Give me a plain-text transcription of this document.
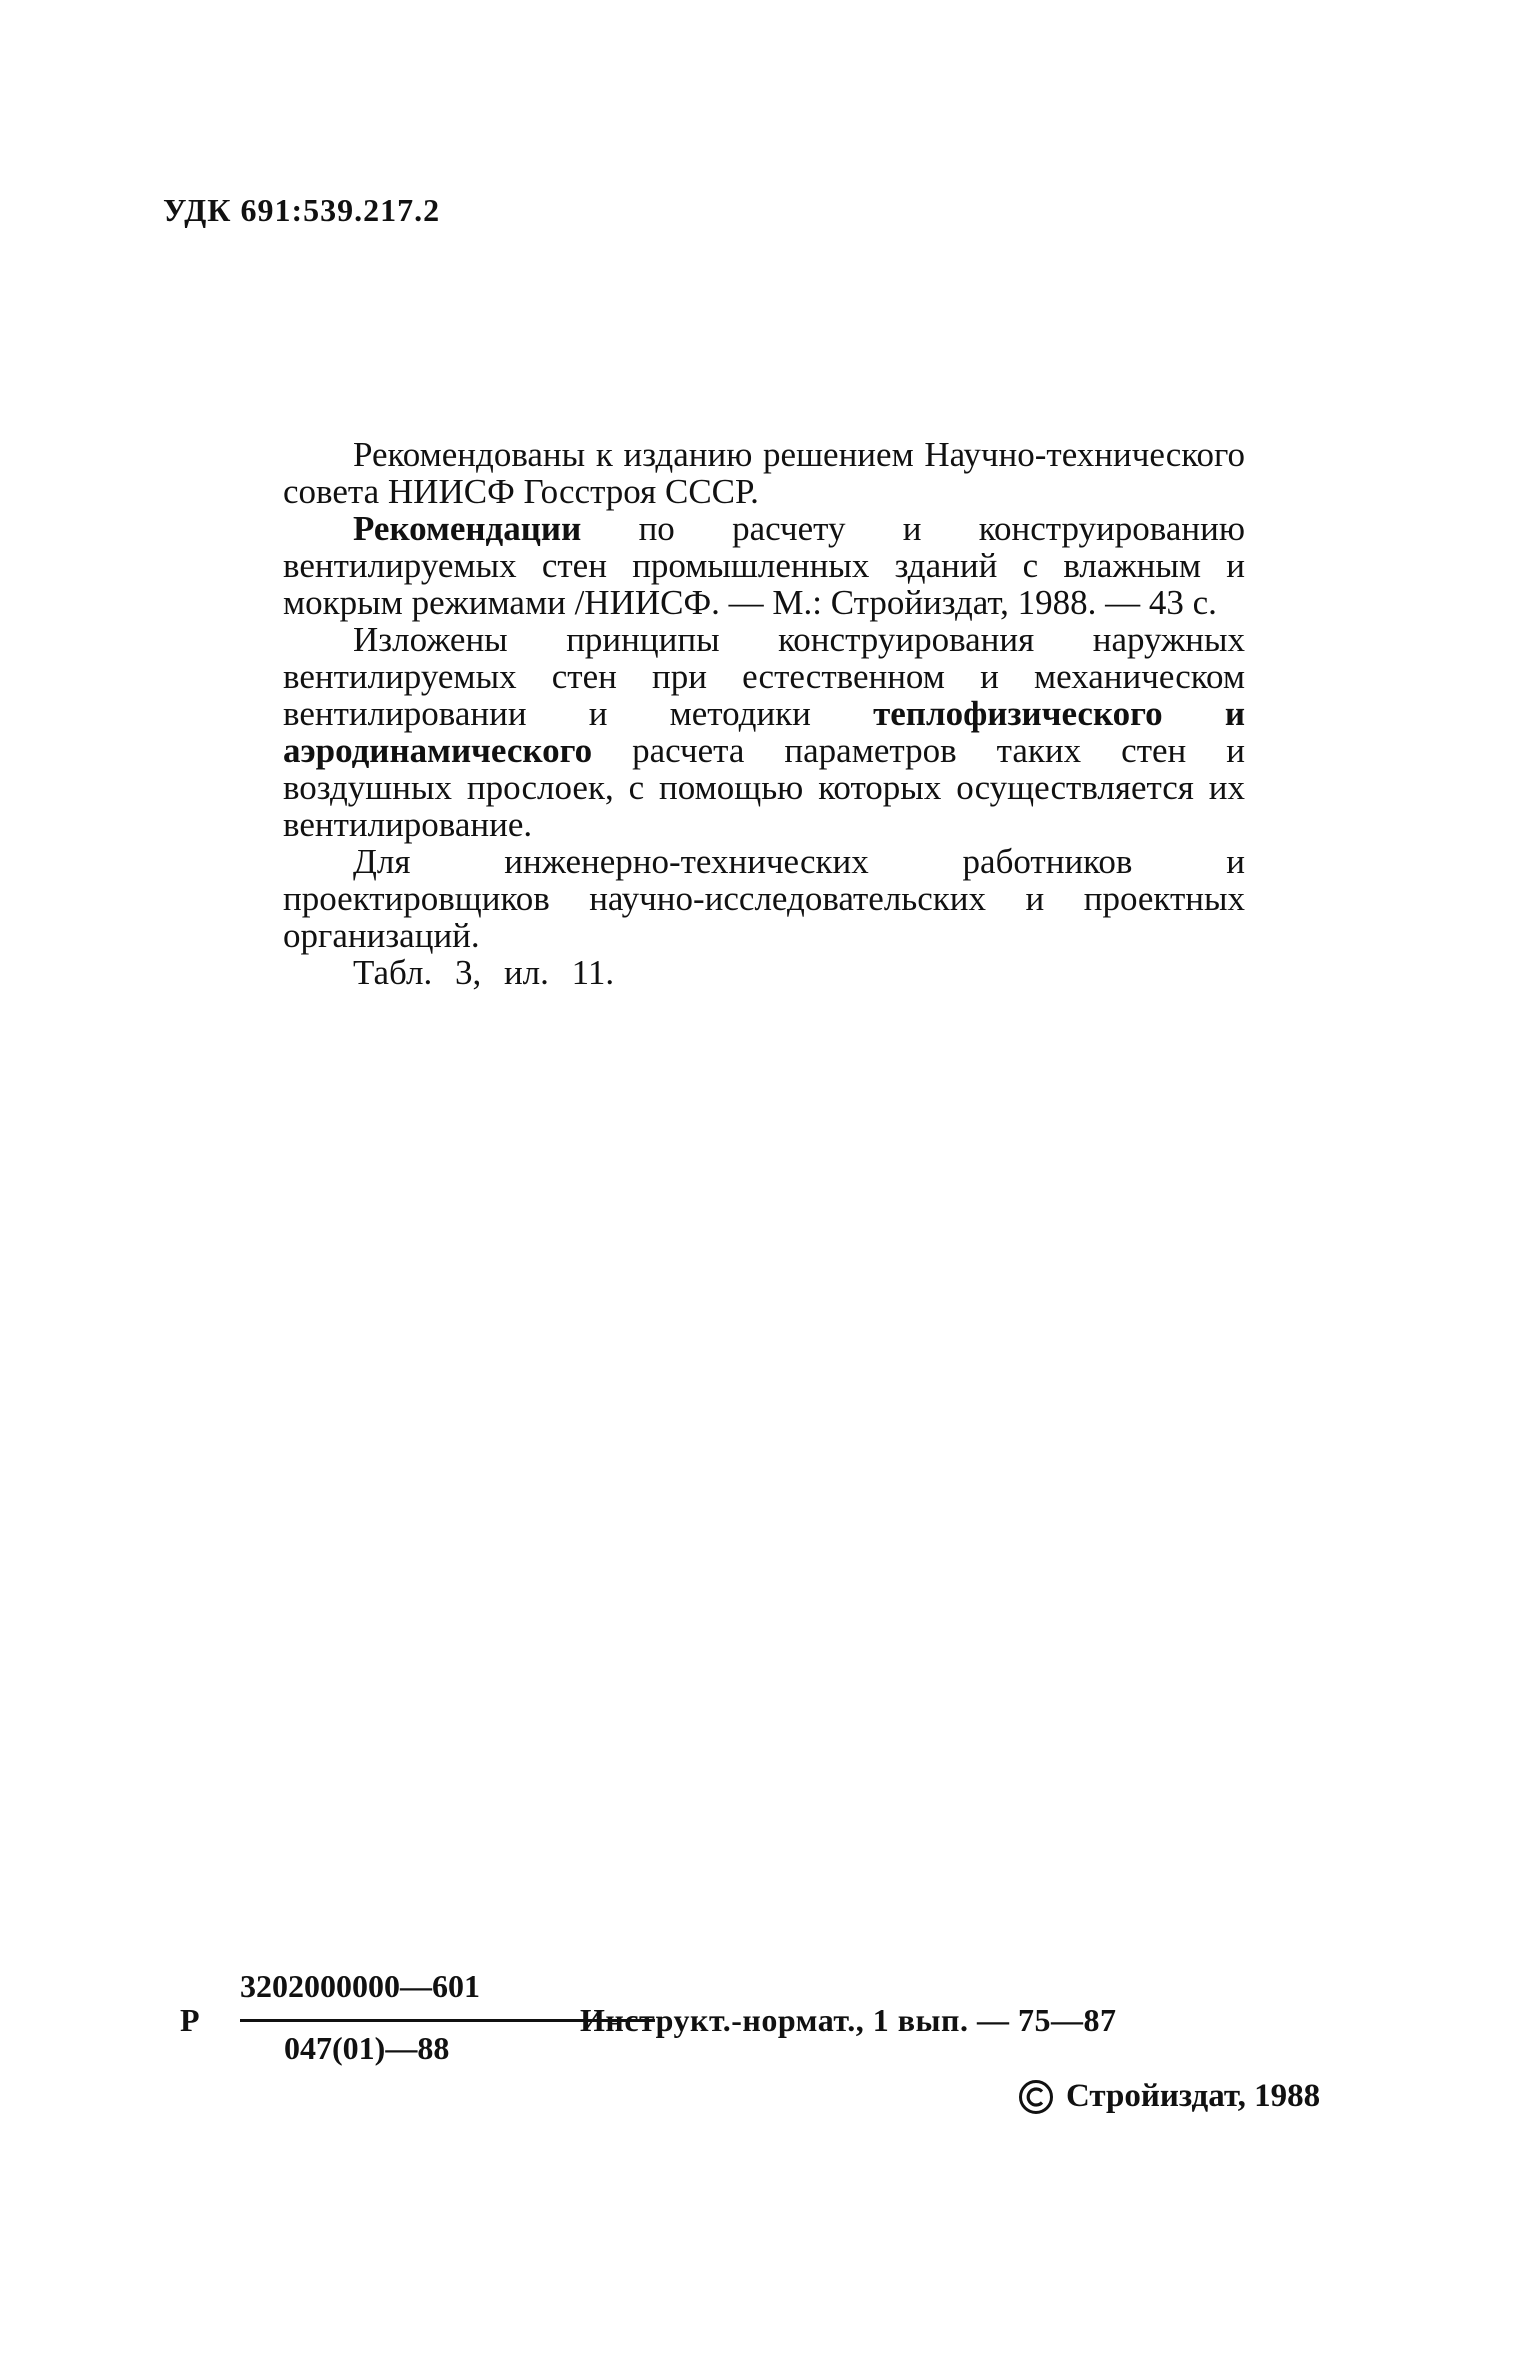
УДК 691:539.217.2

Рекомендованы к изданию решением Научно-технического совета НИИСФ Госстроя СССР.

Рекомендации по расчету и конструированию вентилируемых стен промышленных зданий с влажным и мокрым режимами /НИИСФ. — М.: Стройиздат, 1988. — 43 с.

Изложены принципы конструирования наружных вентилируемых стен при естественном и механическом вентилировании и методики теплофизического и аэродинамического расчета параметров таких стен и воздушных прослоек, с помощью которых осуществляется их вентилирование.

Для инженерно-технических работников и проектировщиков научно-исследовательских и проектных организаций.

Табл. 3, ил. 11.

Р
3202000000—601
047(01)—88
Инструкт.-нормат., 1 вып. — 75—87
Стройиздат, 1988
